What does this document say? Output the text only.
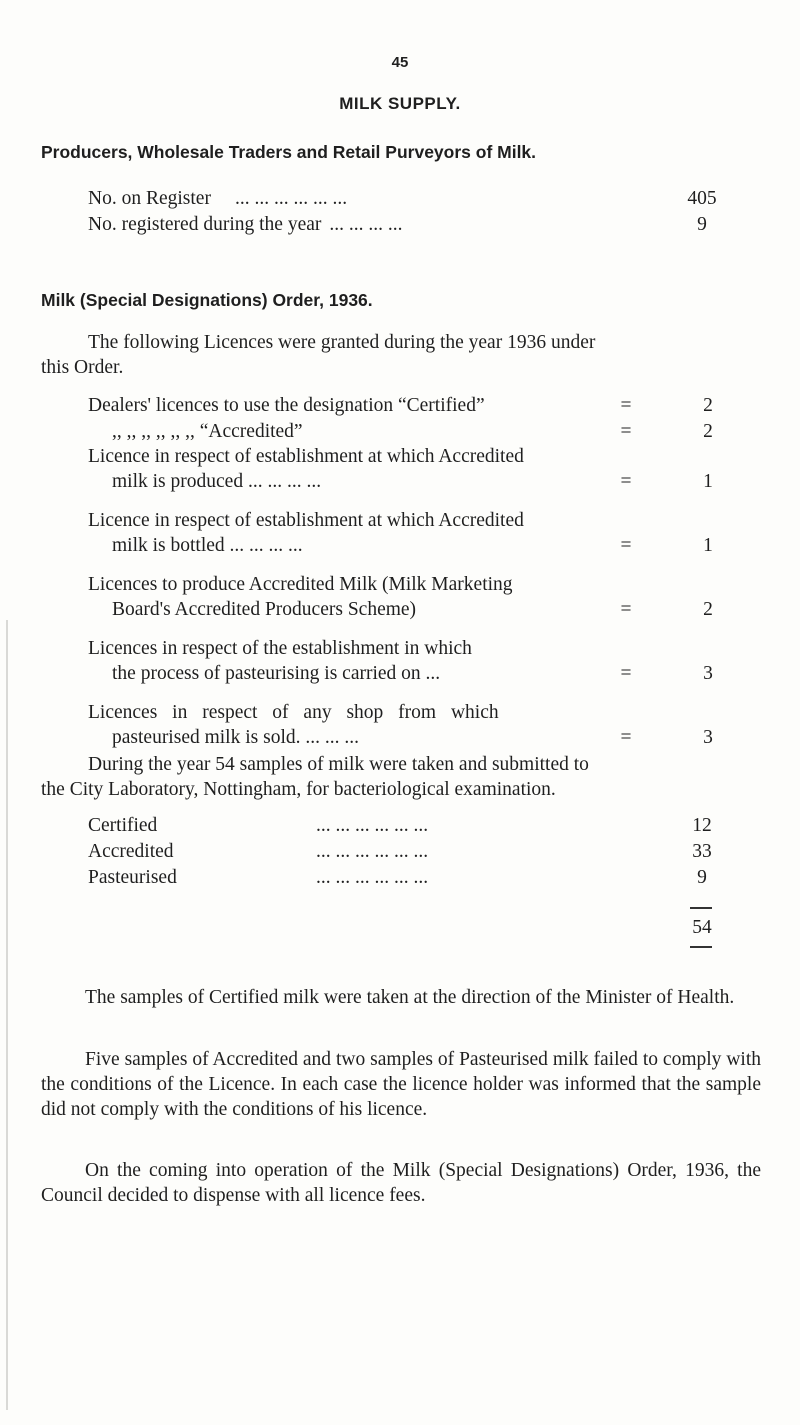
45
MILK SUPPLY.
Producers, Wholesale Traders and Retail Purveyors of Milk.
No. on Register ... ... ... ... ... ...	405
No. registered during the year ... ... ... ...	9
Milk (Special Designations) Order, 1936.
The following Licences were granted during the year 1936 under
this Order.
Dealers' licences to use the designation “Certified”	=	2
,, ,, ,, ,, ,, ,, “Accredited”	=	2
Licence in respect of establishment at which Accredited
milk is produced ... ... ... ...	=	1
Licence in respect of establishment at which Accredited
milk is bottled ... ... ... ...	=	1
Licences to produce Accredited Milk (Milk Marketing
Board's Accredited Producers Scheme)	=	2
Licences in respect of the establishment in which
the process of pasteurising is carried on ...	=	3
Licences in respect of any shop from which
pasteurised milk is sold. ... ... ...	=	3
During the year 54 samples of milk were taken and submitted to
the City Laboratory, Nottingham, for bacteriological examination.
Certified	... ... ... ... ... ...	12
Accredited	... ... ... ... ... ...	33
Pasteurised	... ... ... ... ... ...	9
54
The samples of Certified milk were taken at the direction of the Minister of Health.
Five samples of Accredited and two samples of Pasteurised milk failed to comply with the conditions of the Licence. In each case the licence holder was informed that the sample did not comply with the conditions of his licence.
On the coming into operation of the Milk (Special Designations) Order, 1936, the Council decided to dispense with all licence fees.
